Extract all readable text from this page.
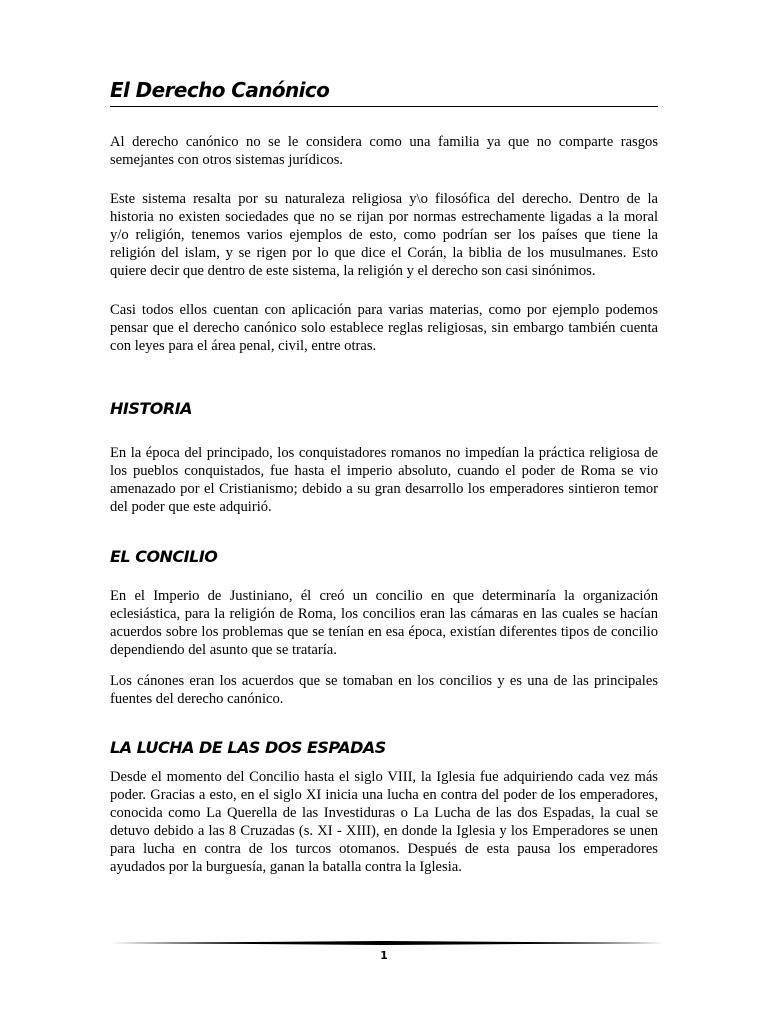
El Derecho Canónico

Al derecho canónico no se le considera como una familia ya que no comparte rasgos semejantes con otros sistemas jurídicos.

Este sistema resalta por su naturaleza religiosa y\o filosófica del derecho. Dentro de la historia no existen sociedades que no se rijan por normas estrechamente ligadas a la moral y/o religión, tenemos varios ejemplos de esto, como podrían ser los países que tiene la religión del islam, y se rigen por lo que dice el Corán, la biblia de los musulmanes. Esto quiere decir que dentro de este sistema, la religión y el derecho son casi sinónimos.

Casi todos ellos cuentan con aplicación para varias materias, como por ejemplo podemos pensar que el derecho canónico solo establece reglas religiosas, sin embargo también cuenta con leyes para el área penal, civil, entre otras.

HISTORIA

En la época del principado, los conquistadores romanos no impedían la práctica religiosa de los pueblos conquistados, fue hasta el imperio absoluto, cuando el poder de Roma se vio amenazado por el Cristianismo; debido a su gran desarrollo los emperadores sintieron temor del poder que este adquirió.

EL CONCILIO

En el Imperio de Justiniano, él creó un concilio en que determinaría la organización eclesiástica, para la religión de Roma, los concilios eran las cámaras en las cuales se hacían acuerdos sobre los problemas que se tenían en esa época, existían diferentes tipos de concilio dependiendo del asunto que se trataría.

Los cánones eran los acuerdos que se tomaban en los concilios y es una de las principales fuentes del derecho canónico.

LA LUCHA DE LAS DOS ESPADAS

Desde el momento del Concilio hasta el siglo VIII, la Iglesia fue adquiriendo cada vez más poder. Gracias a esto, en el siglo XI inicia una lucha en contra del poder de los emperadores, conocida como La Querella de las Investiduras o La Lucha de las dos Espadas, la cual se detuvo debido a las 8 Cruzadas (s. XI - XIII), en donde la Iglesia y los Emperadores se unen para lucha en contra de los turcos otomanos. Después de esta pausa los emperadores ayudados por la burguesía, ganan la batalla contra la Iglesia.

1
